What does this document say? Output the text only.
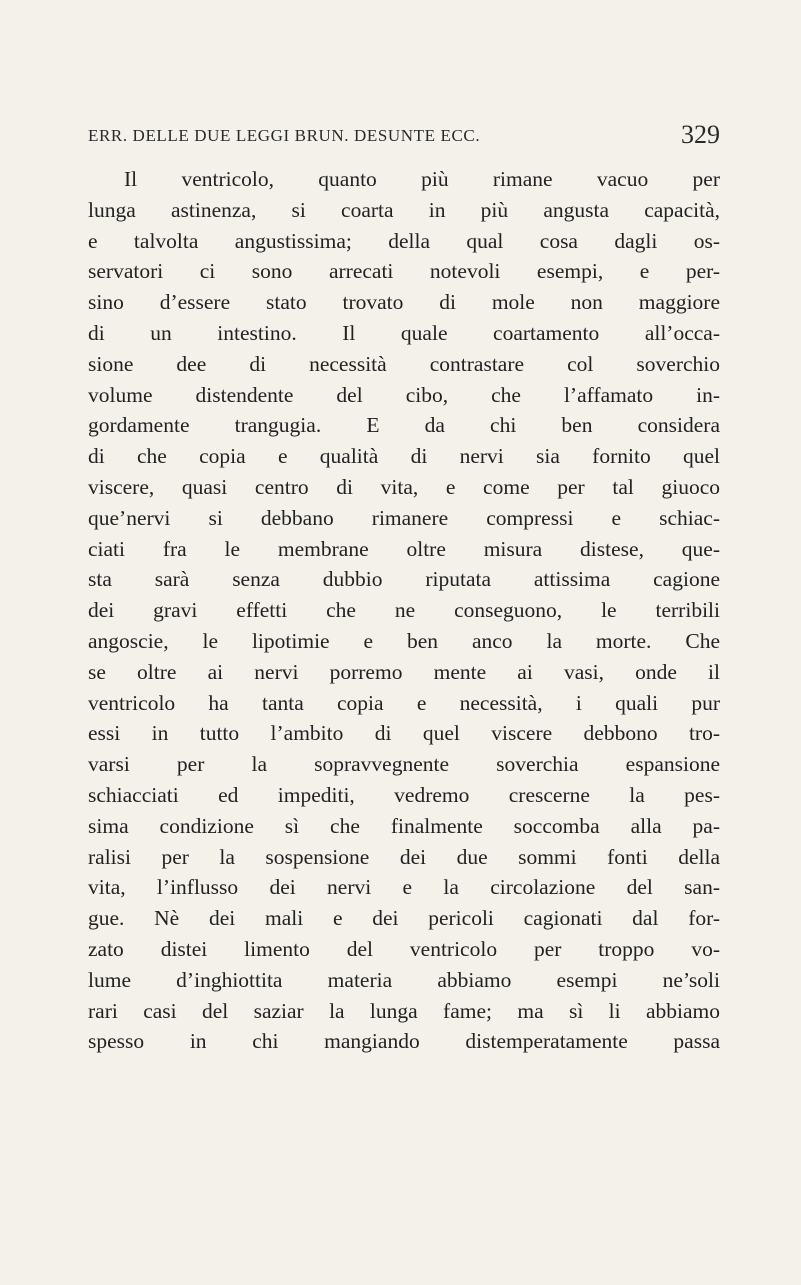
ERR. DELLE DUE LEGGI BRUN. DESUNTE ECC.	329
Il ventricolo, quanto più rimane vacuo per
lunga astinenza, si coarta in più angusta capacità,
e talvolta angustissima; della qual cosa dagli os-
servatori ci sono arrecati notevoli esempi, e per-
sino d’essere stato trovato di mole non maggiore
di un intestino. Il quale coartamento all’occa-
sione dee di necessità contrastare col soverchio
volume distendente del cibo, che l’affamato in-
gordamente trangugia. E da chi ben considera
di che copia e qualità di nervi sia fornito quel
viscere, quasi centro di vita, e come per tal giuoco
que’nervi si debbano rimanere compressi e schiac-
ciati fra le membrane oltre misura distese, que-
sta sarà senza dubbio riputata attissima cagione
dei gravi effetti che ne conseguono, le terribili
angoscie, le lipotimie e ben anco la morte. Che
se oltre ai nervi porremo mente ai vasi, onde il
ventricolo ha tanta copia e necessità, i quali pur
essi in tutto l’ambito di quel viscere debbono tro-
varsi per la sopravvegnente soverchia espansione
schiacciati ed impediti, vedremo crescerne la pes-
sima condizione sì che finalmente soccomba alla pa-
ralisi per la sospensione dei due sommi fonti della
vita, l’influsso dei nervi e la circolazione del san-
gue. Nè dei mali e dei pericoli cagionati dal for-
zato distei limento del ventricolo per troppo vo-
lume d’inghiottita materia abbiamo esempi ne’soli
rari casi del saziar la lunga fame; ma sì li abbiamo
spesso in chi mangiando distemperatamente passa
